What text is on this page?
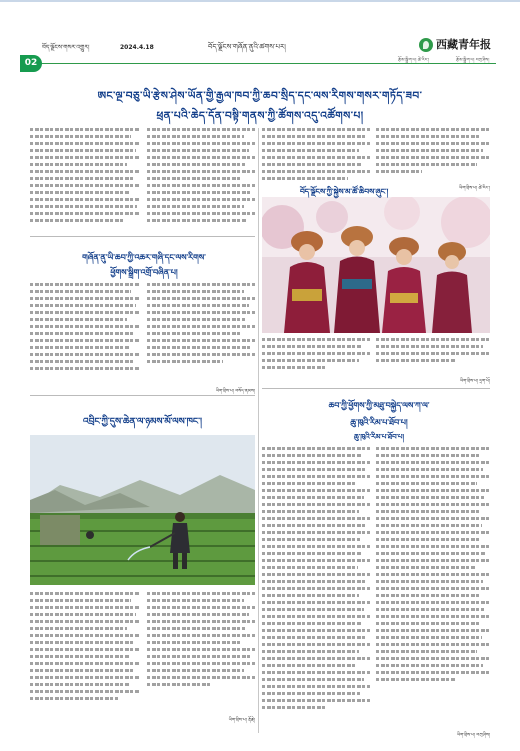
བོད་ལྗོངས་གསར་འགྱུར།	2024.4.18	བོད་ལྗོངས་གཞོན་ནུའི་ཚགས་པར།	西藏青年报
རྩོམ་སྒྲིག་པ། ཚེ་རིང་།	རྩོམ་སྒྲིག་པ། བཀྲ་ཤིས།
02
ཨང་ལྔ་བཅུ་ཡི་རྩེས་ཤེས་ཡོན་གྱི་རྒྱལ་ཁབ་ཀྱི་ཆབ་སྲིད་དང་ལས་རིགས་གསར་གཏོད་ཟབ་
ཕྲན་པའི་ཆེད་དོན་བསྟི་གནས་ཀྱི་ཚོགས་འདུ་འཚོགས་པ།
ཡིག་བྲིས་པ། ཚེ་རིང་།
གཞོན་ནུ་ཡི་ཆབ་ཀྱི་འཆར་གཞི་དང་ལས་རིགས་
ཕྱོགས་སྒྲིག་འགྲོ་བཞིན་པ།
ཡིག་བྲིས་པ། བསོད་ནམས།
ཡིག་བྲིས་པ། དྲག་པོ།
བོད་ལྗོངས་ཀྱི་སྐྱེས་མ་ཚོ་ཆིབས་ཞུང་།
ཆབ་ཀྱི་ཕྱོགས་ཀྱི་མཐུ་བསྐྱེད་ལས་ཀ་ལ་
ཆུ་ཁུའི་རིམ་པ་ཐོབ་པ།
ཆུ་ཁུའི་རིམ་པ་ཐོབ་པ།
ཡིག་བྲིས་པ། བཀྲ་ཤིས།
འབྲིང་ཀྱི་དུས་ཆེན་ལ་ཉམས་མོ་ལས་ཁང་།
ཡིག་བྲིས་པ། རྡོ་རྗེ།
